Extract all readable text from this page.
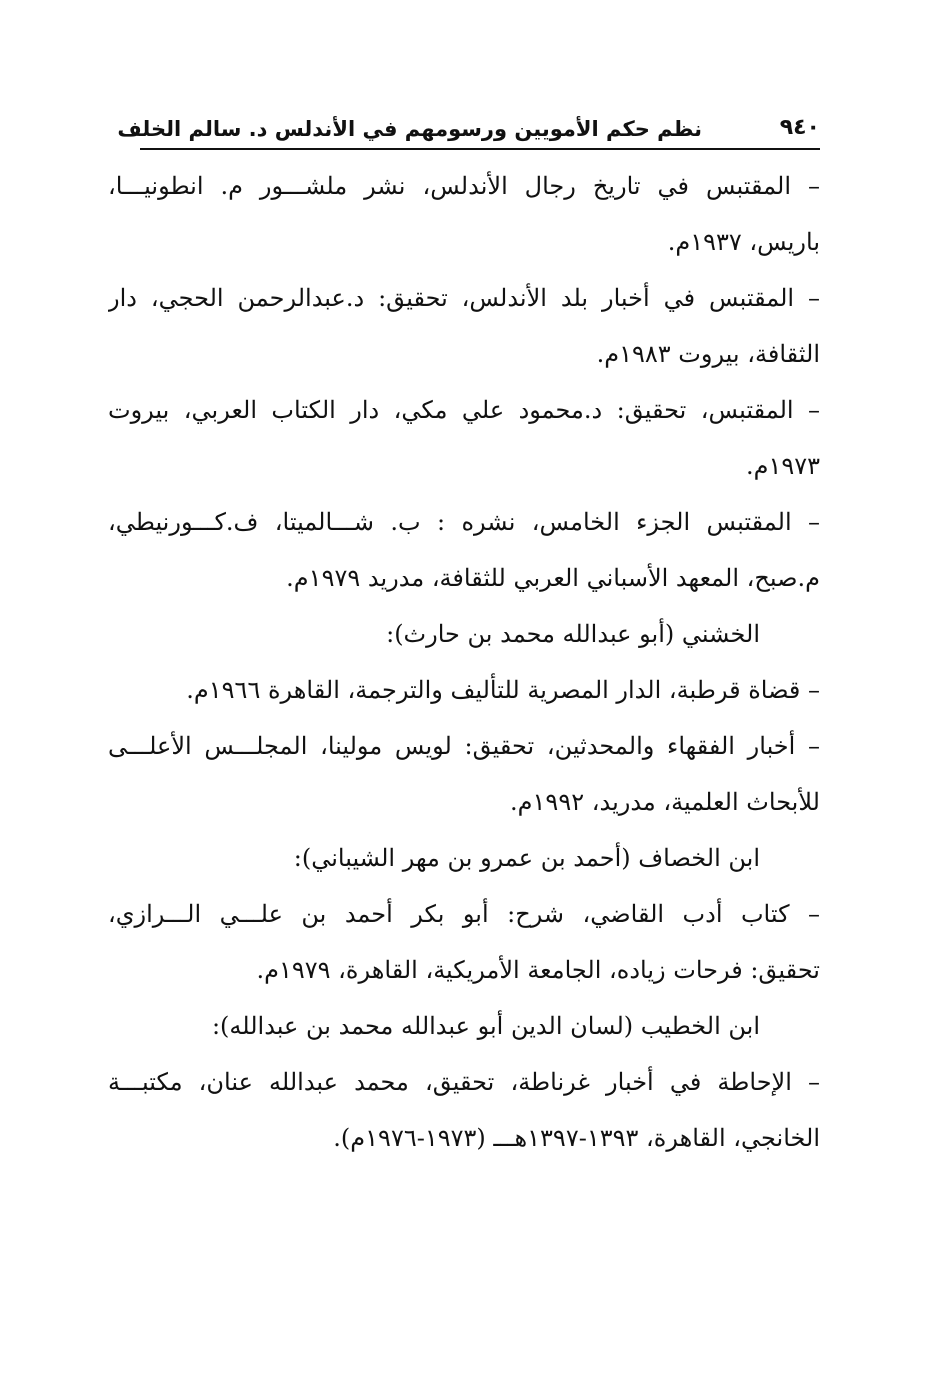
٩٤٠
نظم حكم الأمويين ورسومهم في الأندلس د. سالم الخلف
– المقتبس في تاريخ رجال الأندلس، نشر ملشـــور م. انطونيـــا،
باريس، ١٩٣٧م.
– المقتبس في أخبار بلد الأندلس، تحقيق: د.عبدالرحمن الحجي، دار
الثقافة، بيروت ١٩٨٣م.
– المقتبس، تحقيق: د.محمود علي مكي، دار الكتاب العربي، بيروت
١٩٧٣م.
– المقتبس الجزء الخامس، نشره : ب. شـــالميتا، ف.كـــورنيطي،
م.صبح، المعهد الأسباني العربي للثقافة، مدريد ١٩٧٩م.
الخشني (أبو عبدالله محمد بن حارث):
– قضاة قرطبة، الدار المصرية للتأليف والترجمة، القاهرة ١٩٦٦م.
– أخبار الفقهاء والمحدثين، تحقيق: لويس مولينا، المجلـــس الأعلـــى
للأبحاث العلمية، مدريد، ١٩٩٢م.
ابن الخصاف (أحمد بن عمرو بن مهر الشيباني):
– كتاب أدب القاضي، شرح: أبو بكر أحمد بن علـــي الـــرازي،
تحقيق: فرحات زياده، الجامعة الأمريكية، القاهرة، ١٩٧٩م.
ابن الخطيب (لسان الدين أبو عبدالله محمد بن عبدالله):
– الإحاطة في أخبار غرناطة، تحقيق، محمد عبدالله عنان، مكتبـــة
الخانجي، القاهرة، ١٣٩٣-١٣٩٧هـــ (١٩٧٣-١٩٧٦م).
